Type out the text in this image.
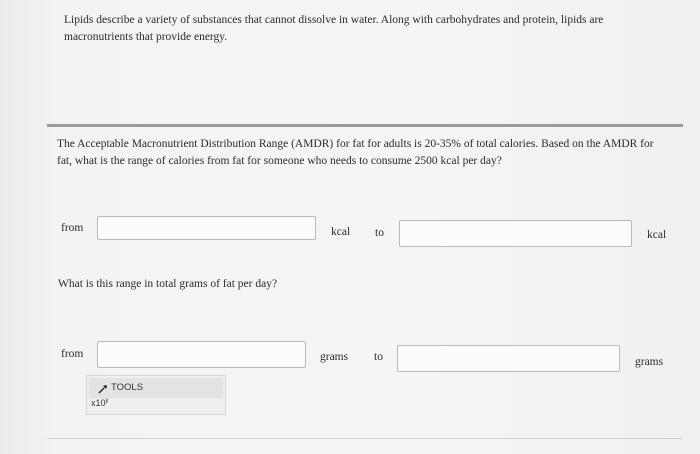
Lipids describe a variety of substances that cannot dissolve in water. Along with carbohydrates and protein, lipids are macronutrients that provide energy.
The Acceptable Macronutrient Distribution Range (AMDR) for fat for adults is 20-35% of total calories. Based on the AMDR for fat, what is the range of calories from fat for someone who needs to consume 2500 kcal per day?
from	kcal to	kcal
What is this range in total grams of fat per day?
from	grams to	grams
TOOLS
x10$^y$
